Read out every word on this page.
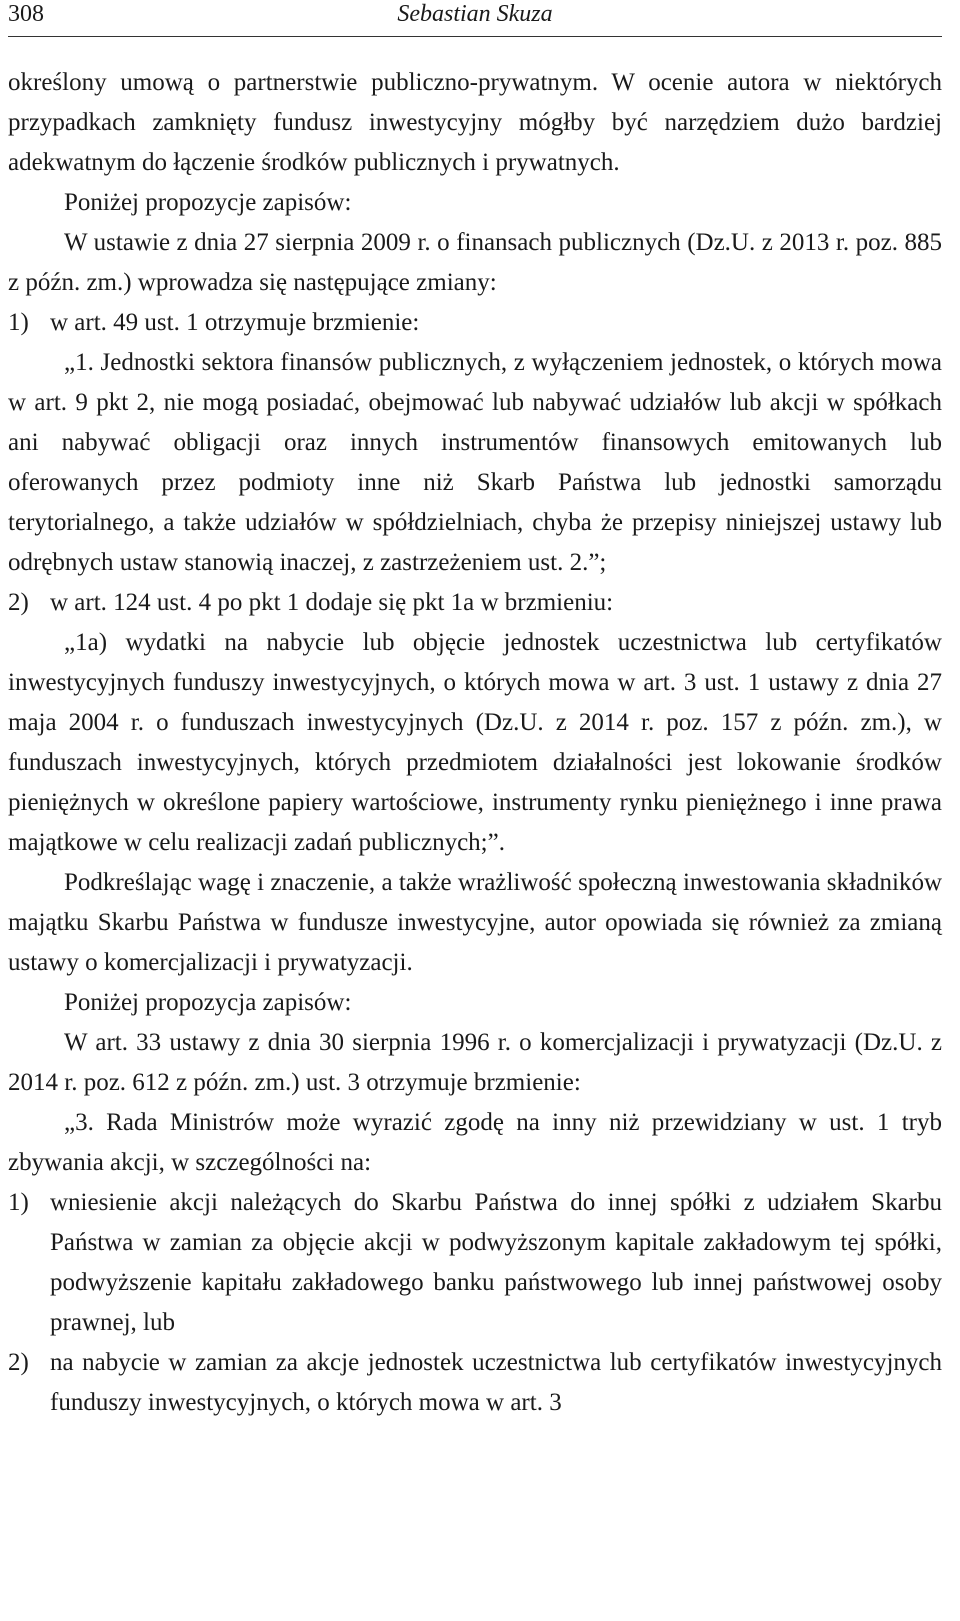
308	Sebastian Skuza

określony umową o partnerstwie publiczno-prywatnym. W ocenie autora w niektórych przypadkach zamknięty fundusz inwestycyjny mógłby być narzędziem dużo bardziej adekwatnym do łączenie środków publicznych i prywatnych.

Poniżej propozycje zapisów:

W ustawie z dnia 27 sierpnia 2009 r. o finansach publicznych (Dz.U. z 2013 r. poz. 885 z późn. zm.) wprowadza się następujące zmiany:

1) w art. 49 ust. 1 otrzymuje brzmienie:

„1. Jednostki sektora finansów publicznych, z wyłączeniem jednostek, o których mowa w art. 9 pkt 2, nie mogą posiadać, obejmować lub nabywać udziałów lub akcji w spółkach ani nabywać obligacji oraz innych instrumentów finansowych emitowanych lub oferowanych przez podmioty inne niż Skarb Państwa lub jednostki samorządu terytorialnego, a także udziałów w spółdzielniach, chyba że przepisy niniejszej ustawy lub odrębnych ustaw stanowią inaczej, z zastrzeżeniem ust. 2.”;

2) w art. 124 ust. 4 po pkt 1 dodaje się pkt 1a w brzmieniu:

„1a) wydatki na nabycie lub objęcie jednostek uczestnictwa lub certyfikatów inwestycyjnych funduszy inwestycyjnych, o których mowa w art. 3 ust. 1 ustawy z dnia 27 maja 2004 r. o funduszach inwestycyjnych (Dz.U. z 2014 r. poz. 157 z późn. zm.), w funduszach inwestycyjnych, których przedmiotem działalności jest lokowanie środków pieniężnych w określone papiery wartościowe, instrumenty rynku pieniężnego i inne prawa majątkowe w celu realizacji zadań publicznych;”.

Podkreślając wagę i znaczenie, a także wrażliwość społeczną inwestowania składników majątku Skarbu Państwa w fundusze inwestycyjne, autor opowiada się również za zmianą ustawy o komercjalizacji i prywatyzacji.

Poniżej propozycja zapisów:

W art. 33 ustawy z dnia 30 sierpnia 1996 r. o komercjalizacji i prywatyzacji (Dz.U. z 2014 r. poz. 612 z późn. zm.) ust. 3 otrzymuje brzmienie:

„3. Rada Ministrów może wyrazić zgodę na inny niż przewidziany w ust. 1 tryb zbywania akcji, w szczególności na:

1) wniesienie akcji należących do Skarbu Państwa do innej spółki z udziałem Skarbu Państwa w zamian za objęcie akcji w podwyższonym kapitale zakładowym tej spółki, podwyższenie kapitału zakładowego banku państwowego lub innej państwowej osoby prawnej, lub

2) na nabycie w zamian za akcje jednostek uczestnictwa lub certyfikatów inwestycyjnych funduszy inwestycyjnych, o których mowa w art. 3
